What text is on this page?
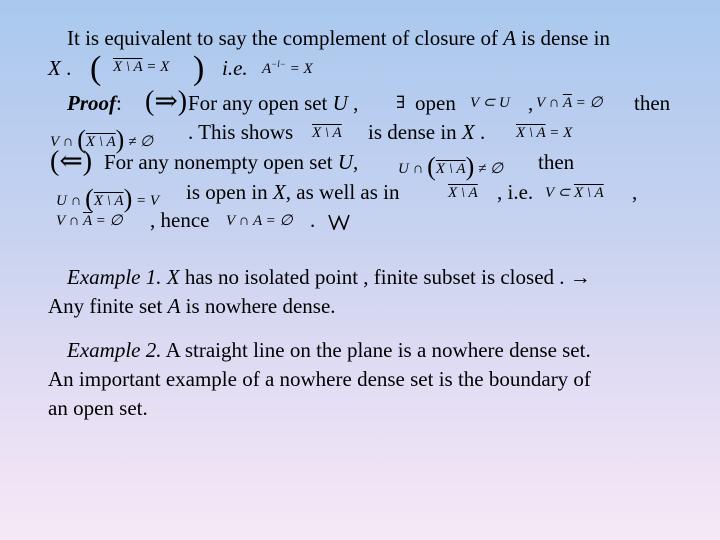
It is equivalent to say the complement of closure of A is dense in
X . ( X \ A = X ) i.e. $A^{-l-} = X$
Proof: (⇒) For any open set U , ∃ open V ⊂ U , V ∩ $\overline{A}$ = ∅ then
V ∩ (X \ A) ≠ ∅ . This shows X \ A is dense in X . X \ A = X
(⇐) For any nonempty open set U,	U ∩ (X \ A) ≠ ∅ then
U ∩ (X \ A) = V is open in X, as well as in	X \ A , i.e. V ⊂ X \ A ,
V ∩ $\overline{A}$ = ∅ , hence V ∩ A = ∅ .
Example 1. X has no isolated point , finite subset is closed . →
Any finite set A is nowhere dense.
Example 2. A straight line on the plane is a nowhere dense set.
An important example of a nowhere dense set is the boundary of
an open set.
